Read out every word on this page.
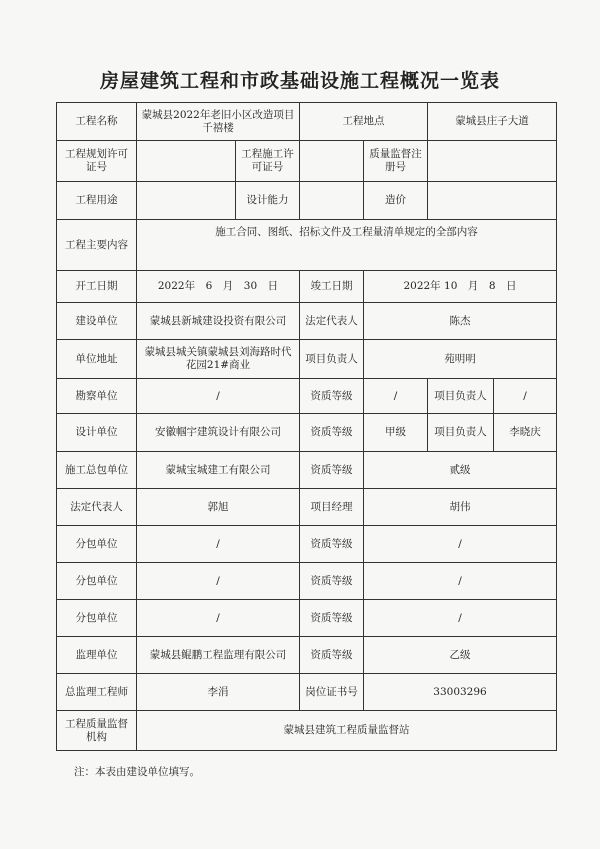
房屋建筑工程和市政基础设施工程概况一览表
工程名称	蒙城县2022年老旧小区改造项目千禧楼		工程地点		蒙城县庄子大道	
工程规划许可证号		工程施工许可证号		质量监督注册号		
工程用途		设计能力		造价		
工程主要内容	施工合同、图纸、招标文件及工程量清单规定的全部内容					
开工日期	2022年　6　月　30　日		竣工日期	2022年 10　月　8　日		
建设单位	蒙城县新城建设投资有限公司		法定代表人	陈杰		
单位地址	蒙城县城关镇蒙城县刘海路时代花园21#商业		项目负责人	苑明明		
勘察单位	/		资质等级	/	项目负责人	/
设计单位	安徽帼宇建筑设计有限公司		资质等级	甲级	项目负责人	李晓庆
施工总包单位	蒙城宝城建工有限公司		资质等级	贰级		
法定代表人	郭旭		项目经理	胡伟		
分包单位	/		资质等级	/		
分包单位	/		资质等级	/		
分包单位	/		资质等级	/		
监理单位	蒙城县鲲鹏工程监理有限公司		资质等级	乙级		
总监理工程师	李涓		岗位证书号	33003296		
工程质量监督机构	蒙城县建筑工程质量监督站					
注：本表由建设单位填写。
